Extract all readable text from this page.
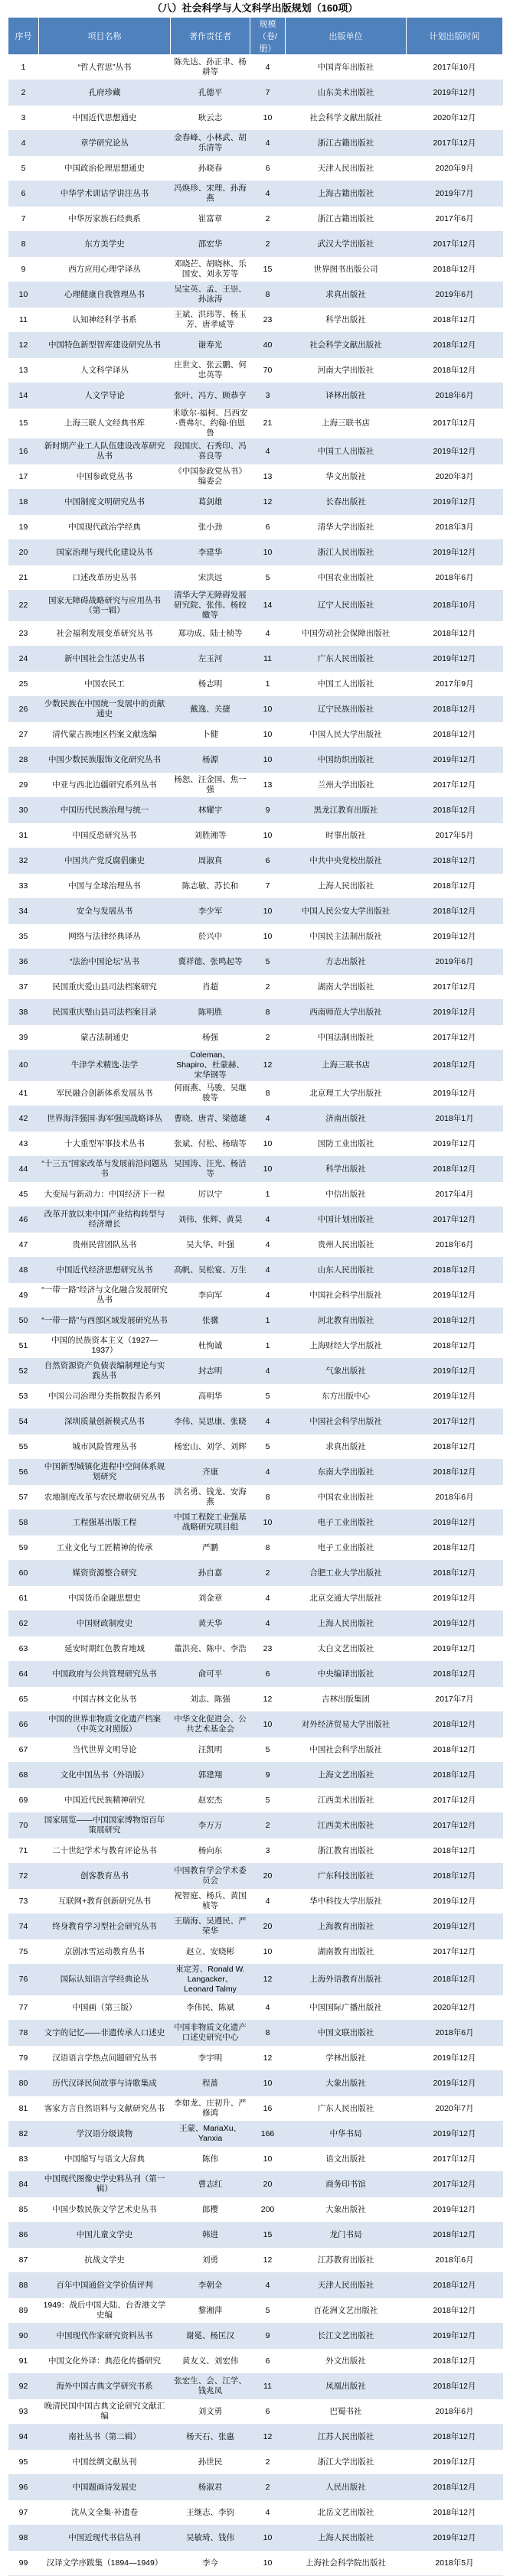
（八）社会科学与人文科学出版规划（160项）
序号	项目名称	著作责任者	规模（卷/册）	出版单位	计划出版时间
1	“哲人哲思”丛书	陈先达、孙正聿、杨耕等	4	中国青年出版社	2017年10月
2	孔府珍藏	孔德平	7	山东美术出版社	2019年12月
3	中国近代思想通史	耿云志	10	社会科学文献出版社	2020年12月
4	章学研究论丛	金春峰、小林武、胡乐清等	4	浙江古籍出版社	2017年12月
5	中国政治伦理思想通史	孙晓春	6	天津人民出版社	2020年9月
6	中华学术训诂学讲注丛书	冯焕珍、宋理、孙海燕	4	上海古籍出版社	2019年7月
7	中华历家族石经典系	崔富章	2	浙江古籍出版社	2017年6月
8	东方美学史	邵宏华	2	武汉大学出版社	2017年12月
9	西方应用心理学译丛	邓晓芒、胡晓林、乐国安、刘永芳等	15	世界图书出版公司	2018年12月
10	心理健康自我管理丛书	吴宝英、孟、王崇、孙泳涛	8	求真出版社	2019年6月
11	认知神经科学书系	王斌、洪玮等、杨玉芳、唐孝威等	23	科学出版社	2018年12月
12	中国特色新型智库建设研究丛书	谢寿光	40	社会科学文献出版社	2018年12月
13	人文科学译丛	庄世文、张云鹏、何忠英等	70	河南大学出版社	2018年12月
14	人文学导论	张叶、冯方、顾恭亨	3	译林出版社	2018年6月
15	上海三联人文经典书库	米歇尔·福柯、吕西安·费弗尔、约翰·伯恩鲁	21	上海三联书店	2017年12月
16	新时期产业工人队伍建设改革研究丛书	段国庆、石秀印、冯喜良等	4	中国工人出版社	2019年12月
17	中国参政党丛书	《中国参政党丛书》编委会	13	华文出版社	2020年3月
18	中国制度文明研究丛书	葛剑雄	12	长春出版社	2019年12月
19	中国现代政治学经典	张小劲	6	清华大学出版社	2018年3月
20	国家治理与现代化建设丛书	李建华	10	浙江人民出版社	2019年12月
21	口述改革历史丛书	宋洪远	5	中国农业出版社	2018年6月
22	国家无障碍战略研究与应用丛书（第一辑）	清华大学无障碍发展研究院、张伟、杨皎皦等	14	辽宁人民出版社	2018年10月
23	社会福利发展变革研究丛书	郑功成、陆士桢等	4	中国劳动社会保障出版社	2018年12月
24	新中国社会生活史丛书	左玉河	11	广东人民出版社	2019年12月
25	中国农民工	杨志明	1	中国工人出版社	2017年9月
26	少数民族在中国统一发展中的贡献通史	戴逸、关捷	10	辽宁民族出版社	2018年12月
27	清代蒙古族地区档案文献选编	卜健	10	中国人民大学出版社	2018年12月
28	中国少数民族服饰文化研究丛书	杨源	10	中国纺织出版社	2019年12月
29	中亚与西北边疆研究系列丛书	杨恕、汪金国、焦一强	13	兰州大学出版社	2017年12月
30	中国历代民族治理与统一	林耀宇	9	黑龙江教育出版社	2018年12月
31	中国反恐研究丛书	刘胜湘等	10	时事出版社	2017年5月
32	中国共产党反腐倡廉史	周淑真	6	中共中央党校出版社	2018年12月
33	中国与全球治理丛书	陈志敏、苏长和	7	上海人民出版社	2018年12月
34	安全与发展丛书	李少军	10	中国人民公安大学出版社	2018年12月
35	网络与法律经典译丛	於兴中	10	中国民主法制出版社	2019年12月
36	“法治中国论坛”丛书	冀祥德、张鸣起等	5	方志出版社	2019年6月
37	民国重庆爱山县司法档案研究	肖超	2	湖南大学出版社	2017年12月
38	民国重庆璧山县司法档案目录	陈明胜	8	西南师范大学出版社	2019年12月
39	蒙古法制通史	杨强	2	中国法制出版社	2017年12月
40	牛津学术精选·法学	Coleman、Shapiro、杜蒙赫、宋华钢等	12	上海三联书店	2018年12月
41	军民融合创新体系发展丛书	何雨燕、马骏、吴继骏等	8	北京理工大学出版社	2019年12月
42	世界海洋强国·海军强国战略译丛	曹晓、唐青、梁德雄	4	济南出版社	2018年1月
43	十大重型军事技术丛书	张斌、付松、杨瑞等	10	国防工业出版社	2019年12月
44	“十三五”国家改革与发展前沿问题丛书	吴国涛、汪光、杨洁等	10	科学出版社	2018年12月
45	大变局与新动力：中国经济下一程	厉以宁	1	中信出版社	2017年4月
46	改革开放以来中国产业结构转型与经济增长	刘伟、张辉、黄昊	4	中国计划出版社	2017年12月
47	贵州民营团队丛书	吴大华、叶强	4	贵州人民出版社	2018年6月
48	中国近代经济思想研究丛书	高帆、吴松宴、万生	4	山东人民出版社	2018年12月
49	“一带一路”经济与文化融合发展研究丛书	李向军	4	中国社会科学出版社	2019年12月
50	“一带一路”与西部区域发展研究丛书	张骥	1	河北教育出版社	2018年12月
51	中国的民族资本主义（1927—1937）	杜恂诚	1	上海财经大学出版社	2018年12月
52	自然资源资产负债表编制理论与实践丛书	封志明	4	气象出版社	2019年12月
53	中国公司治理分类指数报告系列	高明华	5	东方出版中心	2019年12月
54	深圳质量创新模式丛书	李伟、吴思康、张晓	4	中国社会科学出版社	2017年12月
55	城市风险管理丛书	杨宏山、刘学、刘辉	5	求真出版社	2018年12月
56	中国新型城镇化进程中空间体系规划研究	齐康	4	东南大学出版社	2018年12月
57	农地制度改革与农民增收研究丛书	洪名勇、钱龙、安海燕	8	中国农业出版社	2018年6月
58	工程强基出版工程	中国工程院工业强基战略研究项目组	10	电子工业出版社	2019年12月
59	工业文化与工匠精神的传承	严鹏	8	电子工业出版社	2018年12月
60	媒资资源整合研究	孙自嘉	2	合肥工业大学出版社	2018年12月
61	中国货币金融思想史	刘金章	4	北京交通大学出版社	2019年12月
62	中国财政制度史	黄天华	4	上海人民出版社	2019年12月
63	延安时期红色教育地域	董洪亮、陈中、李浩	23	太白文艺出版社	2019年12月
64	中国政府与公共管理研究丛书	俞可平	6	中央编译出版社	2018年12月
65	中国吉林文化丛书	刘志、陈强	12	吉林出版集团	2017年7月
66	中国的世界非物质文化遗产档案（中英文对照版）	中华文化促进会、公共艺术基金会	10	对外经济贸易大学出版社	2018年12月
67	当代世界文明导论	汪凯明	5	中国社会科学出版社	2018年12月
68	文化中国丛书（外语版）	郭建翔	9	上海文艺出版社	2018年12月
69	中国近代民族精神研究	赵宏杰	5	江西美术出版社	2017年12月
70	国家展览——中国国家博物馆百年策展研究	李万万	2	江西美术出版社	2017年12月
71	二十世纪学术与教育评论丛书	杨向东	3	浙江教育出版社	2018年12月
72	创客教育丛书	中国教育学会学术委员会	20	广东科技出版社	2018年12月
73	互联网+教育创新研究丛书	祝智庭、杨兵、黄国桢等	4	华中科技大学出版社	2019年12月
74	终身教育学习型社会研究丛书	王瑞海、吴遵民、严荣华	20	上海教育出版社	2019年12月
75	京剧冰雪运动教育丛书	赵立、安晓彬	10	湖南教育出版社	2017年12月
76	国际认知语言学经典论丛	束定芳、Ronald W. Langacker、Leonard Talmy	12	上海外语教育出版社	2018年12月
77	中国画（第三版）	李伟民、陈斌	4	中国国际广播出版社	2020年12月
78	文字的记忆——非遗传承人口述史	中国非物质文化遗产口述史研究中心	8	中国文联出版社	2018年6月
79	汉语语言学热点问题研究丛书	李宇明	12	学林出版社	2019年12月
80	历代汉译民间故事与诗歌集成	程蔷	10	大象出版社	2019年12月
81	客家方言自然语料与文献研究丛书	李如龙、庄初升、严修鸿	16	广东人民出版社	2020年7月
82	学汉语分级读物	王蒙、MariaXu、Yanxia	166	中华书局	2019年12月
83	中国缩写与语文大辞典	陈伟	10	语文出版社	2017年12月
84	中国现代图像史学史料丛刊（第一辑）	曹志红	20	商务印书馆	2017年12月
85	中国少数民族文学艺术史丛书	郎樱	200	大象出版社	2019年12月
86	中国儿童文学史	韩进	15	龙门书局	2018年12月
87	抗战文学史	刘勇	12	江苏教育出版社	2018年6月
88	百年中国通俗文学价值评判	李朝全	4	天津人民出版社	2018年12月
89	1949：战后中国大陆、台香港文学史编	黎湘萍	5	百花洲文艺出版社	2018年12月
90	中国现代作家研究资料丛书	谢冕、杨匡汉	9	长江文艺出版社	2019年12月
91	中国文化外译：典范化传播研究	黄友义、刘宏伟	6	外文出版社	2018年12月
92	海外中国古典文学研究书系	张宏生、会、江学、钱兆凤	11	凤凰出版社	2018年12月
93	晚清民国中国古典文论研究文献汇编	刘文勇	6	巴蜀书社	2018年6月
94	南社丛书（第二辑）	杨天石、张惠	12	江苏人民出版社	2018年12月
95	中国丝绸文献丛刊	孙世民	2	浙江大学出版社	2019年12月
96	中国题画诗发展史	杨淑君	2	人民出版社	2018年12月
97	沈从文全集·补遗卷	王继志、李钧	4	北岳文艺出版社	2018年12月
98	中国近现代书信丛刊	吴敏琦、钱伟	10	上海人民出版社	2019年12月
99	汉译文学序跋集（1894—1949）	李今	10	上海社会科学院出版社	2018年5月
